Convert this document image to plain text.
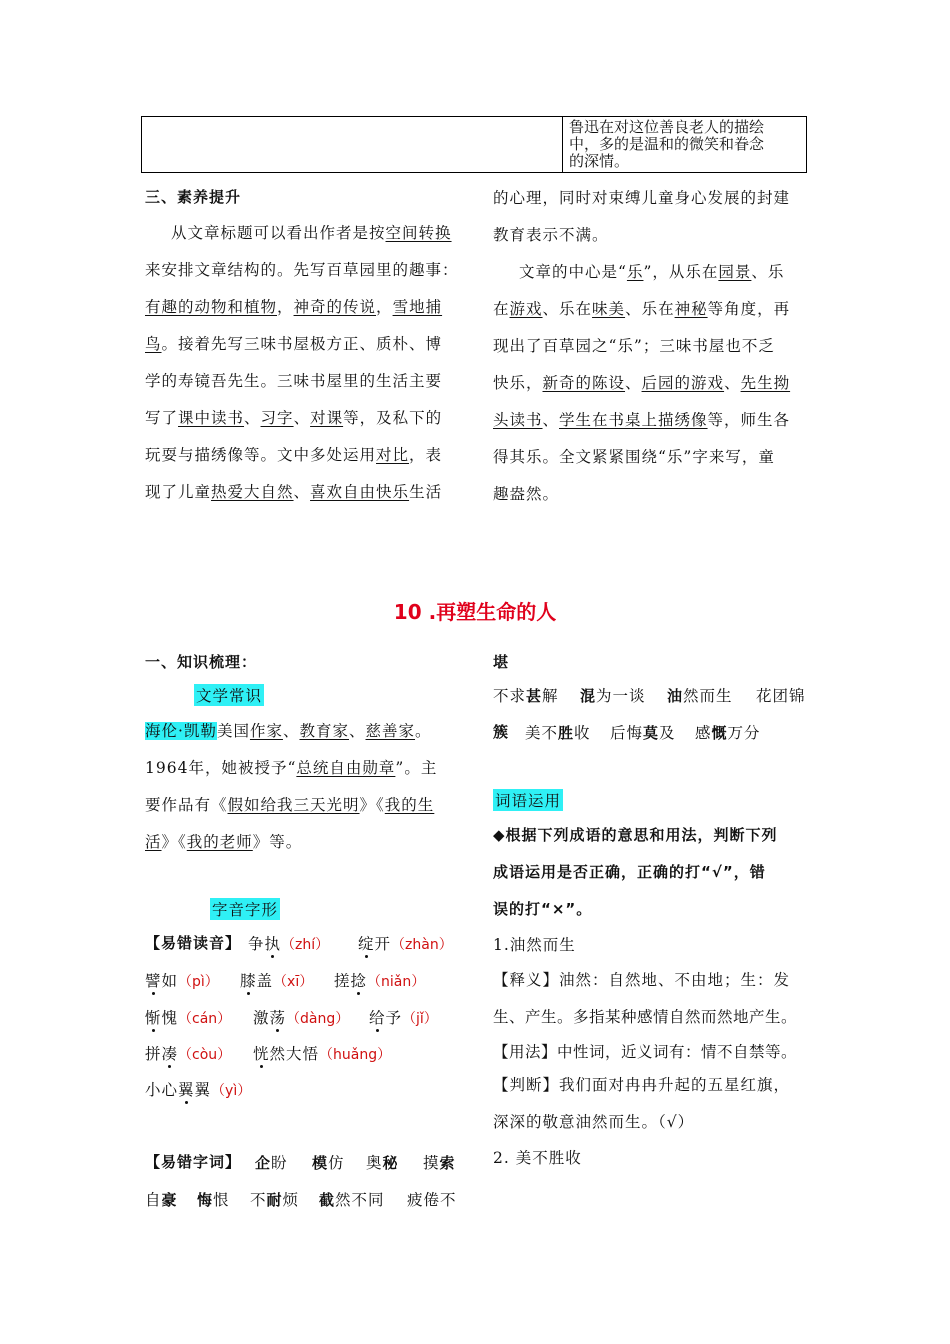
鲁迅在对这位善良老人的描绘
中，多的是温和的微笑和眷念
的深情。
三、素养提升
从文章标题可以看出作者是按空间转换
来安排文章结构的。先写百草园里的趣事：
有趣的动物和植物，神奇的传说，雪地捕
鸟。接着先写三味书屋极方正、质朴、博
学的寿镜吾先生。三味书屋里的生活主要
写了课中读书、习字、对课等，及私下的
玩耍与描绣像等。文中多处运用对比，表
现了儿童热爱大自然、喜欢自由快乐生活
的心理，同时对束缚儿童身心发展的封建
教育表示不满。
文章的中心是“乐”，从乐在园景、乐
在游戏、乐在味美、乐在神秘等角度，再
现出了百草园之“乐”；三味书屋也不乏
快乐，新奇的陈设、后园的游戏、先生拗
头读书、学生在书桌上描绣像等，师生各
得其乐。全文紧紧围绕“乐”字来写，童
趣盎然。
10 .再塑生命的人
一、知识梳理：
文学常识
海伦·凯勒美国作家、教育家、慈善家。
1964年，她被授予“总统自由勋章”。主
要作品有《假如给我三天光明》《我的生
活》《我的老师》等。
字音字形
【易错读音】 争执（zhí） 绽开（zhàn）
譬如（pì） 膝盖（xī） 搓捻（niǎn）
惭愧（cán） 激荡（dàng） 给予（jǐ）
拼凑（còu） 恍然大悟（huǎng）
小心翼翼（yì）
【易错字词】 企盼 模仿 奥秘 摸索
自豪 悔恨 不耐烦 截然不同 疲倦不
堪
不求甚解 混为一谈 油然而生 花团锦
簇 美不胜收 后悔莫及 感慨万分
词语运用
◆根据下列成语的意思和用法，判断下列
成语运用是否正确，正确的打“√”，错
误的打“×”。
1.油然而生
【释义】油然：自然地、不由地；生：发
生、产生。多指某种感情自然而然地产生。
【用法】中性词，近义词有：情不自禁等。
【判断】我们面对冉冉升起的五星红旗，
深深的敬意油然而生。（√）
2. 美不胜收
